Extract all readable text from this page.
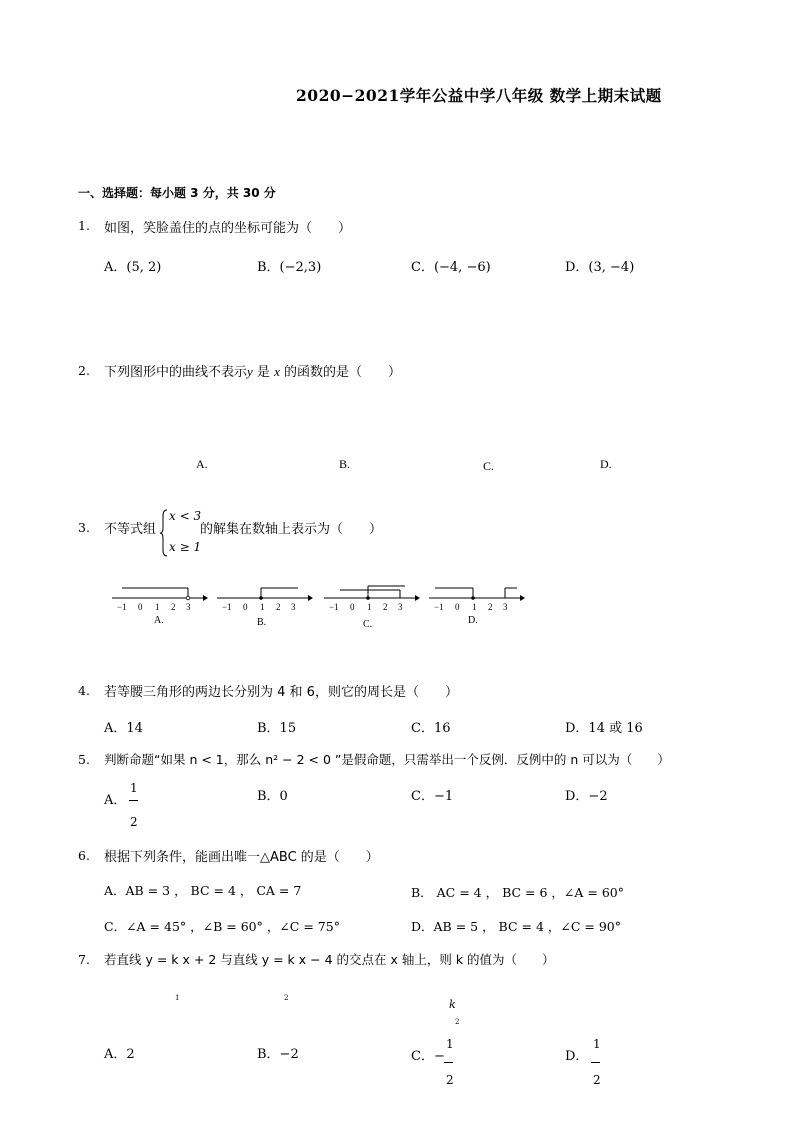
2020−2021学年公益中学八年级 数学上期末试题
一、选择题：每小题 3 分，共 30 分
1. 如图，笑脸盖住的点的坐标可能为（　　）
A．(5, 2)	B．(−2,3)	C．(−4, −6)	D．(3, −4)
2. 下列图形中的曲线不表示y 是 x 的函数的是（　　）
A.	B.	C.	D.
3. 不等式组
x < 3
x ≥ 1
的解集在数轴上表示为（　　）
−1 0 1 2 3	−1 0 1 2 3	−1 0 1 2 3	−1 0 1 2 3
A.	B.	C.	D.
4. 若等腰三角形的两边长分别为 4 和 6，则它的周长是（　　）
A．14	B．15	C．16	D．14 或 16
5. 判断命题“如果 n < 1，那么 n² − 2 < 0 ”是假命题，只需举出一个反例．反例中的 n 可以为（　　）
A．
1
2
B．0	C．−1	D．−2
6. 根据下列条件，能画出唯一△ABC 的是（　　）
A．AB = 3 ， BC = 4 ， CA = 7	B． AC = 4 ， BC = 6 ，∠A = 60°
C．∠A = 45° ，∠B = 60° ，∠C = 75°	D．AB = 5 ， BC = 4 ，∠C = 90°
7. 若直线 y = k x + 2 与直线 y = k x − 4 的交点在 x 轴上，则 k 的值为（　　）
1	2	k
2
A．2	B．−2	C．−
1
2
D．
1
2
